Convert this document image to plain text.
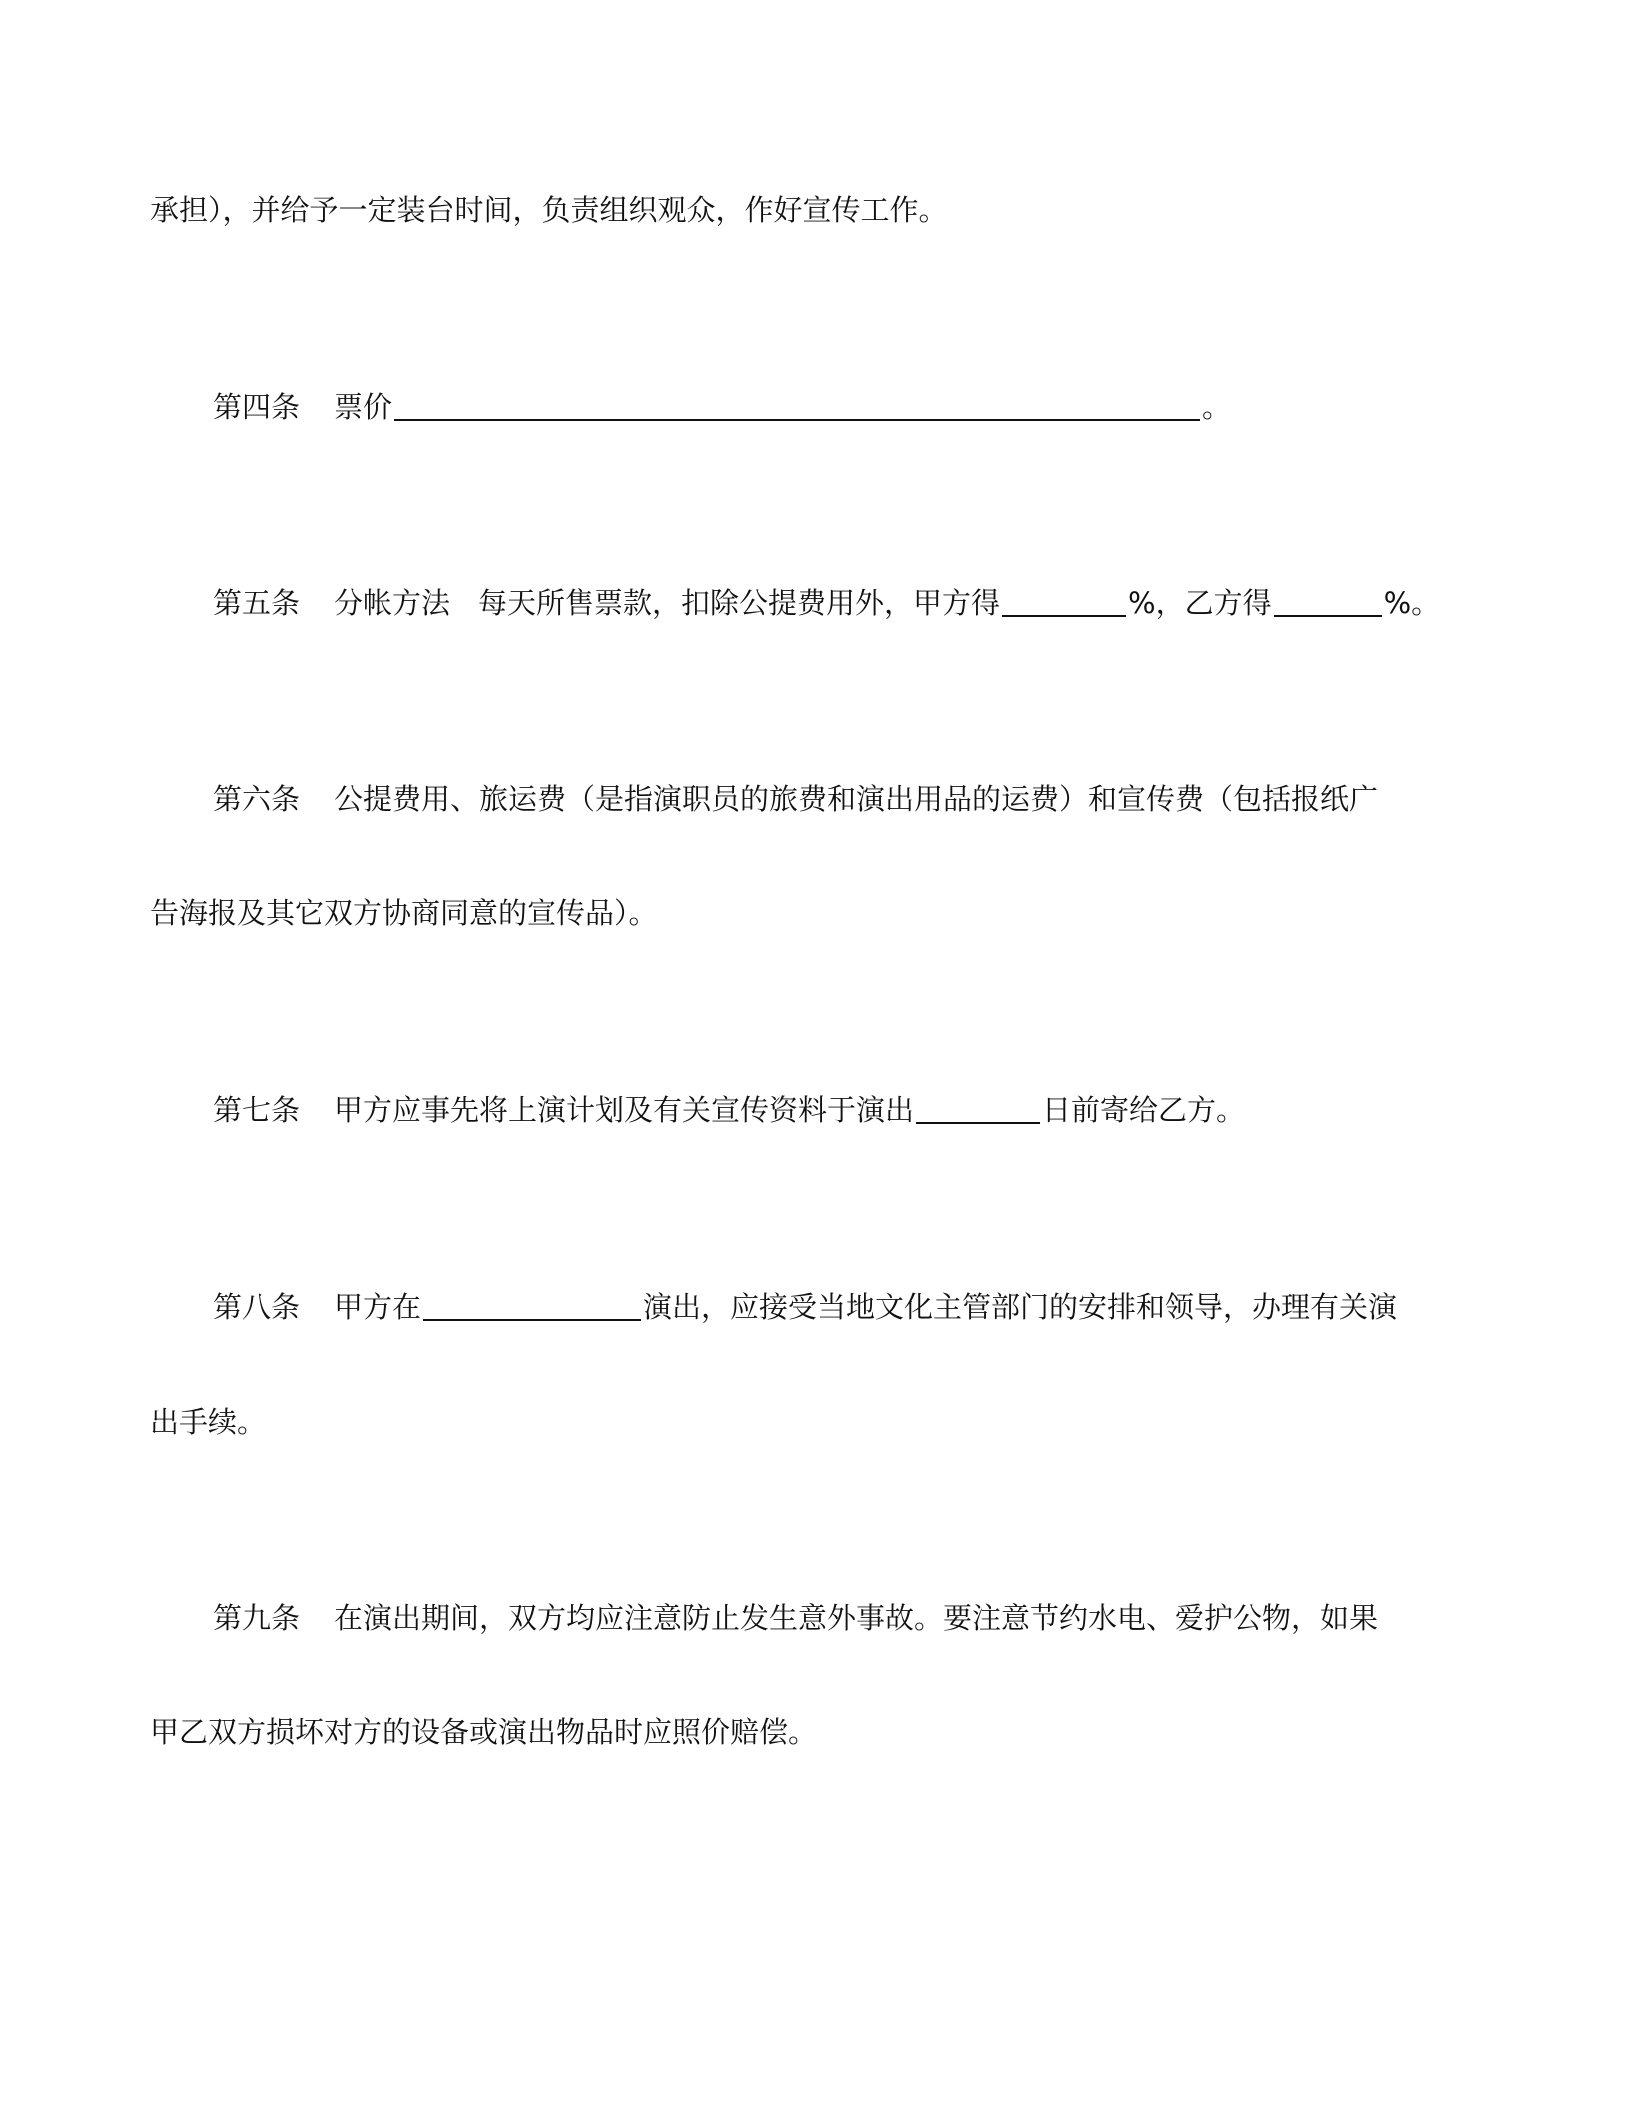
承担），并给予一定装台时间，负责组织观众，作好宣传工作。
第四条 票价	。
第五条 分帐方法 每天所售票款，扣除公提费用外，甲方得	%，乙方得	%。
第六条 公提费用、旅运费（是指演职员的旅费和演出用品的运费）和宣传费（包括报纸广
告海报及其它双方协商同意的宣传品）。
第七条 甲方应事先将上演计划及有关宣传资料于演出	日前寄给乙方。
第八条 甲方在	演出，应接受当地文化主管部门的安排和领导，办理有关演
出手续。
第九条 在演出期间，双方均应注意防止发生意外事故。要注意节约水电、爱护公物，如果
甲乙双方损坏对方的设备或演出物品时应照价赔偿。
